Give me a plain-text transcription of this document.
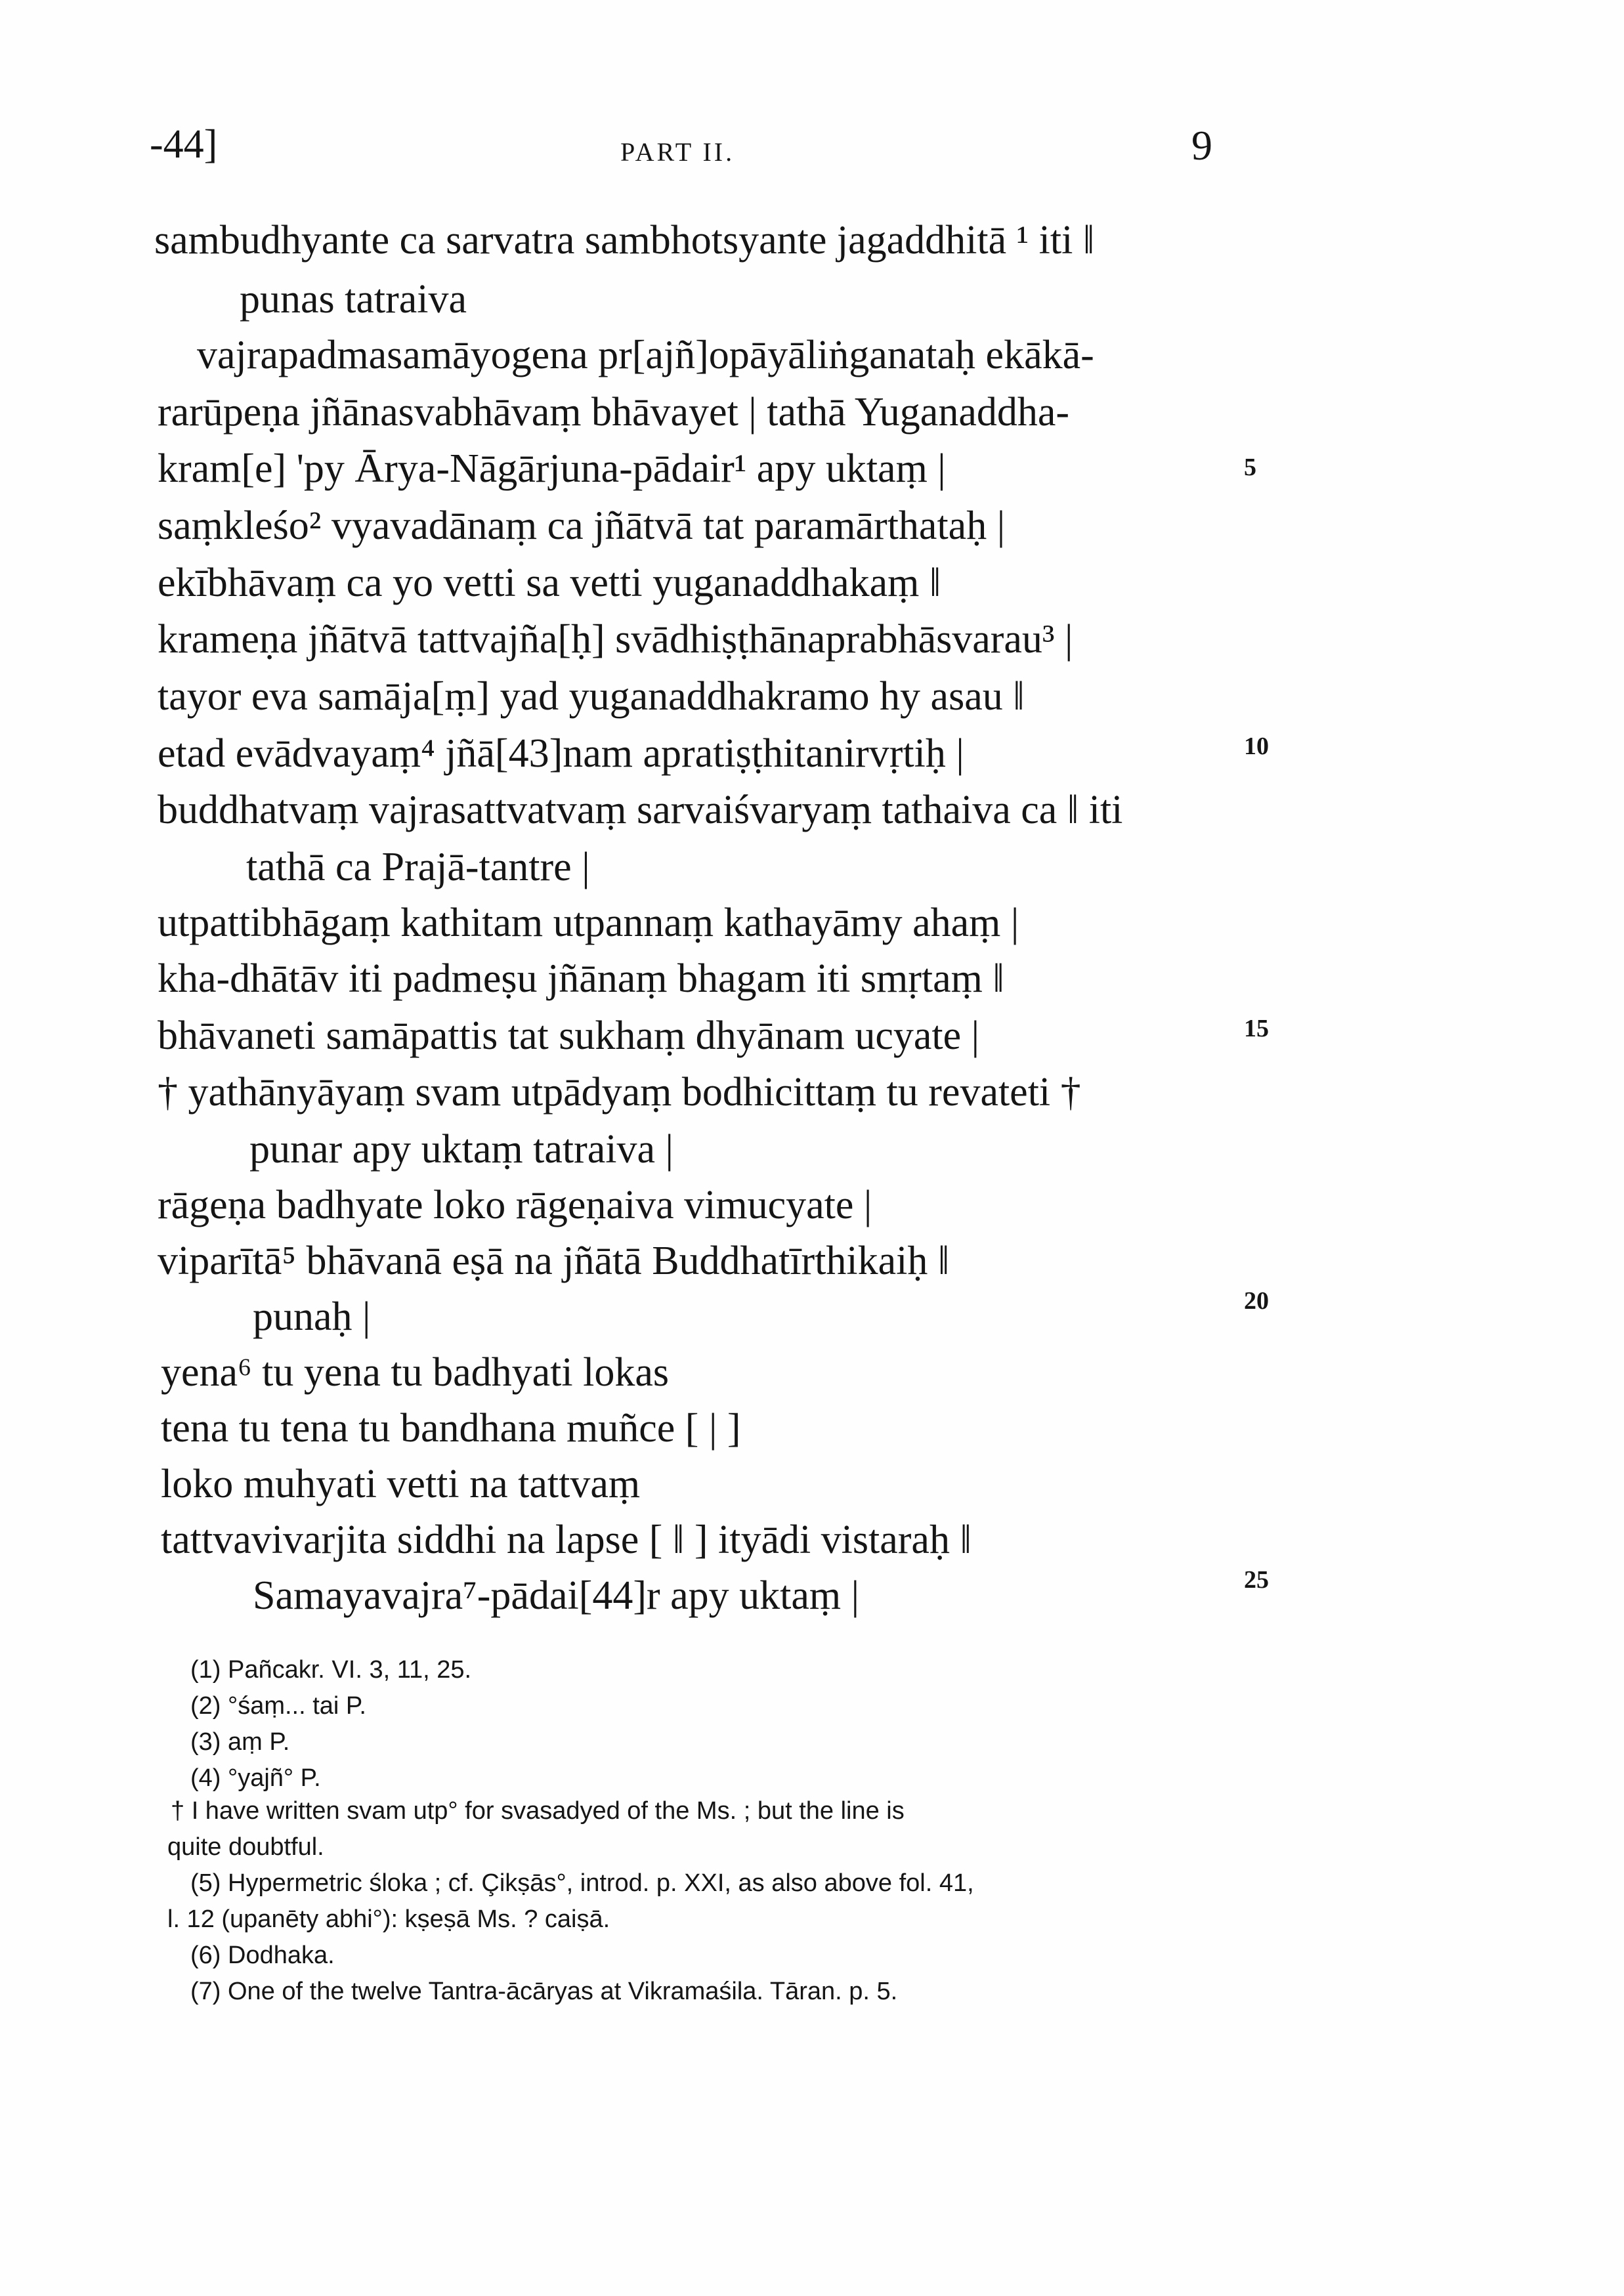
-44]	PART II.	9
sambudhyante ca sarvatra sambhotsyante jagaddhitā ¹ iti ‖
punas tatraiva
vajrapadmasamāyogena pr[ajñ]opāyāliṅganataḥ ekākā-
rarūpeṇa jñānasvabhāvaṃ bhāvayet | tathā Yuganaddha-
kram[e] 'py Ārya-Nāgārjuna-pādair¹ apy uktaṃ |
saṃkleśo² vyavadānaṃ ca jñātvā tat paramārthataḥ |
ekībhāvaṃ ca yo vetti sa vetti yuganaddhakaṃ ‖
krameṇa jñātvā tattvajña[ḥ] svādhiṣṭhānaprabhāsvarau³ |
tayor eva samāja[ṃ] yad yuganaddhakramo hy asau ‖
etad evādvayaṃ⁴ jñā[43]nam apratiṣṭhitanirvṛtiḥ |
buddhatvaṃ vajrasattvatvaṃ sarvaiśvaryaṃ tathaiva ca ‖ iti
tathā ca Prajā-tantre |
utpattibhāgaṃ kathitam utpannaṃ kathayāmy ahaṃ |
kha-dhātāv iti padmeṣu jñānaṃ bhagam iti smṛtaṃ ‖
bhāvaneti samāpattis tat sukhaṃ dhyānam ucyate |
† yathānyāyaṃ svam utpādyaṃ bodhicittaṃ tu revateti †
punar apy uktaṃ tatraiva |
rāgeṇa badhyate loko rāgeṇaiva vimucyate |
viparītā⁵ bhāvanā eṣā na jñātā Buddhatīrthikaiḥ ‖
punaḥ |
yena⁶ tu yena tu badhyati lokas
tena tu tena tu bandhana muñce [ | ]
loko muhyati vetti na tattvaṃ
tattvavivarjita siddhi na lapse [ ‖ ] ityādi vistaraḥ ‖
Samayavajra⁷-pādai[44]r apy uktaṃ |
5
10
15
20
25
(1) Pañcakr. VI. 3, 11, 25.
(2) °śaṃ... tai P.
(3) aṃ P.
(4) °yajñ° P.
† I have written svam utp° for svasadyed of the Ms. ; but the line is
quite doubtful.
(5) Hypermetric śloka ; cf. Çikṣās°, introd. p. XXI, as also above fol. 41,
l. 12 (upanēty abhi°): kṣeṣā Ms. ? caiṣā.
(6) Dodhaka.
(7) One of the twelve Tantra-ācāryas at Vikramaśila. Tāran. p. 5.
